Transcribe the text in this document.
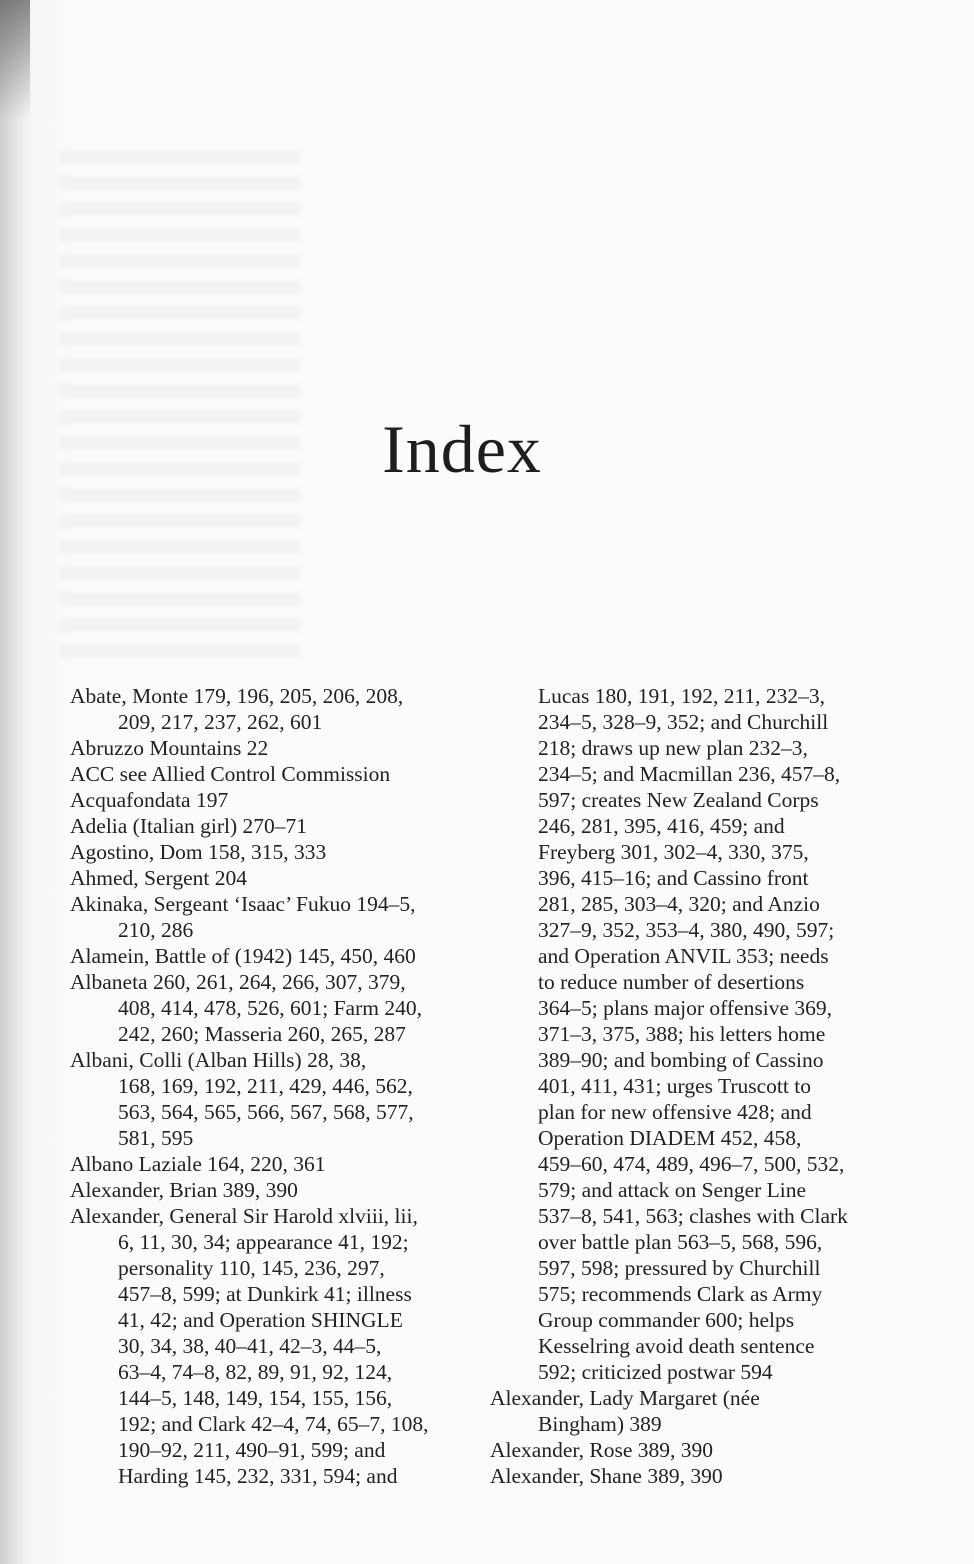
Index
Abate, Monte 179, 196, 205, 206, 208,
209, 217, 237, 262, 601
Abruzzo Mountains 22
ACC see Allied Control Commission
Acquafondata 197
Adelia (Italian girl) 270–71
Agostino, Dom 158, 315, 333
Ahmed, Sergent 204
Akinaka, Sergeant ‘Isaac’ Fukuo 194–5,
210, 286
Alamein, Battle of (1942) 145, 450, 460
Albaneta 260, 261, 264, 266, 307, 379,
408, 414, 478, 526, 601; Farm 240,
242, 260; Masseria 260, 265, 287
Albani, Colli (Alban Hills) 28, 38,
168, 169, 192, 211, 429, 446, 562,
563, 564, 565, 566, 567, 568, 577,
581, 595
Albano Laziale 164, 220, 361
Alexander, Brian 389, 390
Alexander, General Sir Harold xlviii, lii,
6, 11, 30, 34; appearance 41, 192;
personality 110, 145, 236, 297,
457–8, 599; at Dunkirk 41; illness
41, 42; and Operation SHINGLE
30, 34, 38, 40–41, 42–3, 44–5,
63–4, 74–8, 82, 89, 91, 92, 124,
144–5, 148, 149, 154, 155, 156,
192; and Clark 42–4, 74, 65–7, 108,
190–92, 211, 490–91, 599; and
Harding 145, 232, 331, 594; and
Lucas 180, 191, 192, 211, 232–3,
234–5, 328–9, 352; and Churchill
218; draws up new plan 232–3,
234–5; and Macmillan 236, 457–8,
597; creates New Zealand Corps
246, 281, 395, 416, 459; and
Freyberg 301, 302–4, 330, 375,
396, 415–16; and Cassino front
281, 285, 303–4, 320; and Anzio
327–9, 352, 353–4, 380, 490, 597;
and Operation ANVIL 353; needs
to reduce number of desertions
364–5; plans major offensive 369,
371–3, 375, 388; his letters home
389–90; and bombing of Cassino
401, 411, 431; urges Truscott to
plan for new offensive 428; and
Operation DIADEM 452, 458,
459–60, 474, 489, 496–7, 500, 532,
579; and attack on Senger Line
537–8, 541, 563; clashes with Clark
over battle plan 563–5, 568, 596,
597, 598; pressured by Churchill
575; recommends Clark as Army
Group commander 600; helps
Kesselring avoid death sentence
592; criticized postwar 594
Alexander, Lady Margaret (née
Bingham) 389
Alexander, Rose 389, 390
Alexander, Shane 389, 390
